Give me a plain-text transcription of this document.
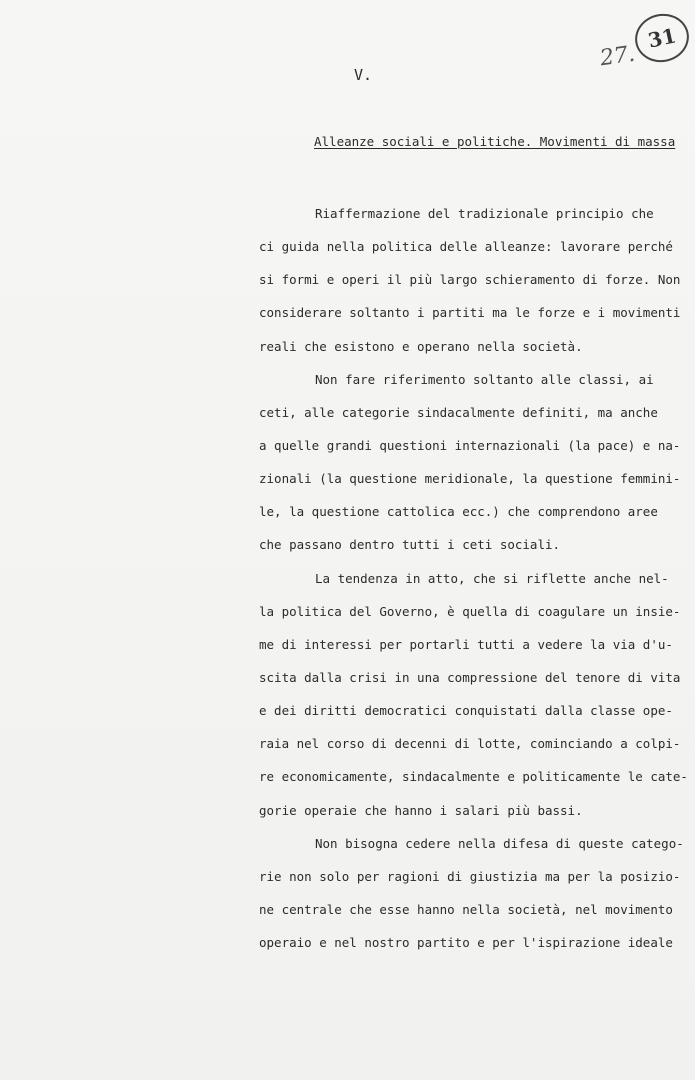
31
27.
V.
Alleanze sociali e politiche. Movimenti di massa
Riaffermazione del tradizionale principio che
ci guida nella politica delle alleanze: lavorare perché
si formi e operi il più largo schieramento di forze. Non
considerare soltanto i partiti ma le forze e i movimenti
reali che esistono e operano nella società.
Non fare riferimento soltanto alle classi, ai
ceti, alle categorie sindacalmente definiti, ma anche
a quelle grandi questioni internazionali (la pace) e na-
zionali (la questione meridionale, la questione femmini-
le, la questione cattolica ecc.) che comprendono aree
che passano dentro tutti i ceti sociali.
La tendenza in atto, che si riflette anche nel-
la politica del Governo, è quella di coagulare un insie-
me di interessi per portarli tutti a vedere la via d'u-
scita dalla crisi in una compressione del tenore di vita
e dei diritti democratici conquistati dalla classe ope-
raia nel corso di decenni di lotte, cominciando a colpi-
re economicamente, sindacalmente e politicamente le cate-
gorie operaie che hanno i salari più bassi.
Non bisogna cedere nella difesa di queste catego-
rie non solo per ragioni di giustizia ma per la posizio-
ne centrale che esse hanno nella società, nel movimento
operaio e nel nostro partito e per l'ispirazione ideale
